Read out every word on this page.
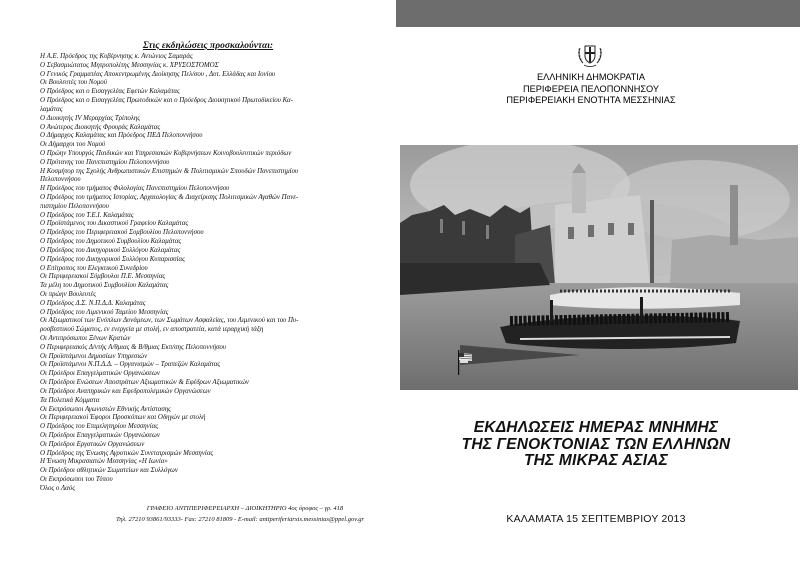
Στις εκδηλώσεις προσκαλούνται:
Η Α.Ε. Πρόεδρος της Κυβέρνησης κ. Αντώνιος Σαμαράς
Ο Σεβασμιώτατος Μητροπολίτης Μεσσηνίας κ. ΧΡΥΣΟΣΤΟΜΟΣ
Ο Γενικός Γραμματέας Αποκεντρωμένης Διοίκησης Πελ/σου , Δυτ. Ελλάδας και Ιονίου
Οι Βουλευτές του Νομού
Ο Πρόεδρος και ο Εισαγγελέας Εφετών Καλαμάτας
Ο Πρόεδρος και ο Εισαγγελέας Πρωτοδικών και ο Πρόεδρος Διοικητικού Πρωτοδικείου Κα-
λαμάτας
Ο Διοικητής IV Μεραρχίας Τρίπολης
Ο Ανώτερος Διοικητής Φρουράς Καλαμάτας
Ο Δήμαρχος Καλαμάτας και Πρόεδρος ΠΕΔ Πελοποννήσου
Οι Δήμαρχοι του Νομού
Ο Πρώην Υπουργός Παιδικών και Υπηρεσιακών Κυβερνήσεων Κοινοβουλευτικών περιόδων
Ο Πρύτανης του Πανεπιστημίου Πελοποννήσου
Η Κοσμήτορ της Σχολής Ανθρωπιστικών Επιστημών & Πολιτισμικών Σπουδών Πανεπιστημίου
Πελοποννήσου
Η Πρόεδρος του τμήματος Φιλολογίας Πανεπιστημίου Πελοποννήσου
Ο Πρόεδρος του τμήματος Ιστορίας, Αρχαιολογίας & Διαχείρισης Πολιτισμικών Αγαθών Πανε-
πιστημίου Πελοποννήσου
Ο Πρόεδρος του Τ.Ε.Ι. Καλαμάτας
Ο Προϊστάμενος του Δικαστικού Γραφείου Καλαμάτας
Ο Πρόεδρος του Περιφερειακού Συμβουλίου Πελοποννήσου
Ο Πρόεδρος του Δημοτικού Συμβουλίου Καλαμάτας
Ο Πρόεδρος του Δικηγορικού Συλλόγου Καλαμάτας
Ο Πρόεδρος του Δικηγορικού Συλλόγου Κυπαρισσίας
Ο Επίτροπος του Ελεγκτικού Συνεδρίου
Οι Περιφερειακοί Σύμβουλοι Π.Ε. Μεσσηνίας
Τα μέλη του Δημοτικού Συμβουλίου Καλαμάτας
Οι πρώην Βουλευτές
Ο Πρόεδρος Δ.Σ. Ν.Π.Δ.Δ. Καλαμάτας
Ο Πρόεδρος του Λιμενικού Ταμείου Μεσσηνίας
Οι Αξιωματικοί των Ενόπλων Δυνάμεων, των Σωμάτων Ασφαλείας, του Λιμενικού και του Πυ-
ροσβεστικού Σώματος, εν ενεργεία με στολή, εν αποστρατεία, κατά ιεραρχική τάξη
Οι Αντιπρόσωποι Ξένων Κρατών
Ο Περιφερειακός Δ/ντής Α/θμιας & Β/θμιας Εκπ/σης Πελοποννήσου
Οι Προϊστάμενοι Δημοσίων Υπηρεσιών
Οι Προϊστάμενοι Ν.Π.Δ.Δ. – Οργανισμών – Τραπεζών Καλαμάτας
Οι Πρόεδροι Επαγγελματικών Οργανώσεων
Οι Πρόεδροι Ενώσεων Αποστράτων Αξιωματικών & Εφέδρων Αξιωματικών
Οι Πρόεδροι Αναπηρικών και Εφεδροπολεμικών Οργανώσεων
Τα Πολιτικά Κόμματα
Οι Εκπρόσωποι Αγωνιστών Εθνικής Αντίστασης
Οι Περιφερειακοί Έφοροι Προσκόπων και Οδηγών με στολή
Ο Πρόεδρος του Επιμελητηρίου Μεσσηνίας
Οι Πρόεδροι Επαγγελματικών Οργανώσεων
Οι Πρόεδροι Εργατικών Οργανώσεων
Ο Πρόεδρος της Ένωσης Αγροτικών Συνεταιρισμών Μεσσηνίας
Η Ένωση Μικρασιατών Μεσσηνίας «Η Ιωνία»
Οι Πρόεδροι αθλητικών Σωματείων και Συλλόγων
Οι Εκπρόσωποι του Τύπου
Όλος ο Λαός
ΓΡΑΦΕΙΟ ΑΝΤΙΠΕΡΙΦΕΡΕΙΑΡΧΗ – ΔΙΟΙΚΗΤΗΡΙΟ 4ος όροφος – γρ. 418
Τηλ. 27210 93861/93333- Fax: 27210 81809 - E-mail: antiperiferiarxis.messinias@ppel.gov.gr
ΕΛΛΗΝΙΚΗ ΔΗΜΟΚΡΑΤΙΑ
ΠΕΡΙΦΕΡΕΙΑ ΠΕΛΟΠΟΝΝΗΣΟΥ
ΠΕΡΙΦΕΡΕΙΑΚΗ ΕΝΟΤΗΤΑ ΜΕΣΣΗΝΙΑΣ
ΕΚΔΗΛΩΣΕΙΣ ΗΜΕΡΑΣ ΜΝΗΜΗΣ
ΤΗΣ ΓΕΝΟΚΤΟΝΙΑΣ ΤΩΝ ΕΛΛΗΝΩΝ
ΤΗΣ ΜΙΚΡΑΣ ΑΣΙΑΣ
ΚΑΛΑΜΑΤΑ 15 ΣΕΠΤΕΜΒΡΙΟΥ 2013
